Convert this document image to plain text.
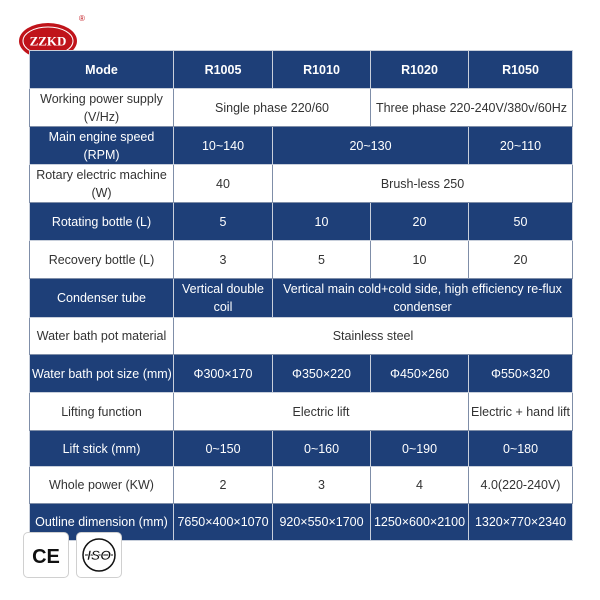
ZZKD
®
Mode	R1005	R1010	R1020	R1050
Working power supply (V/Hz)	Single phase 220/60		Three phase 220-240V/380v/60Hz	
Main engine speed (RPM)	10~140	20~130		20~110
Rotary electric machine (W)	40	Brush-less 250		
Rotating bottle (L)	5	10	20	50
Recovery bottle (L)	3	5	10	20
Condenser tube	Vertical double coil	Vertical main cold+cold side, high efficiency re-flux condenser		
Water bath pot material	Stainless steel			
Water bath pot size (mm)	Φ300×170	Φ350×220	Φ450×260	Φ550×320
Lifting function	Electric lift			Electric + hand lift
Lift stick (mm)	0~150	0~160	0~190	0~180
Whole power (KW)	2	3	4	4.0(220-240V)
Outline dimension (mm)	7650×400×1070	920×550×1700	1250×600×2100	1320×770×2340
CE ISO
